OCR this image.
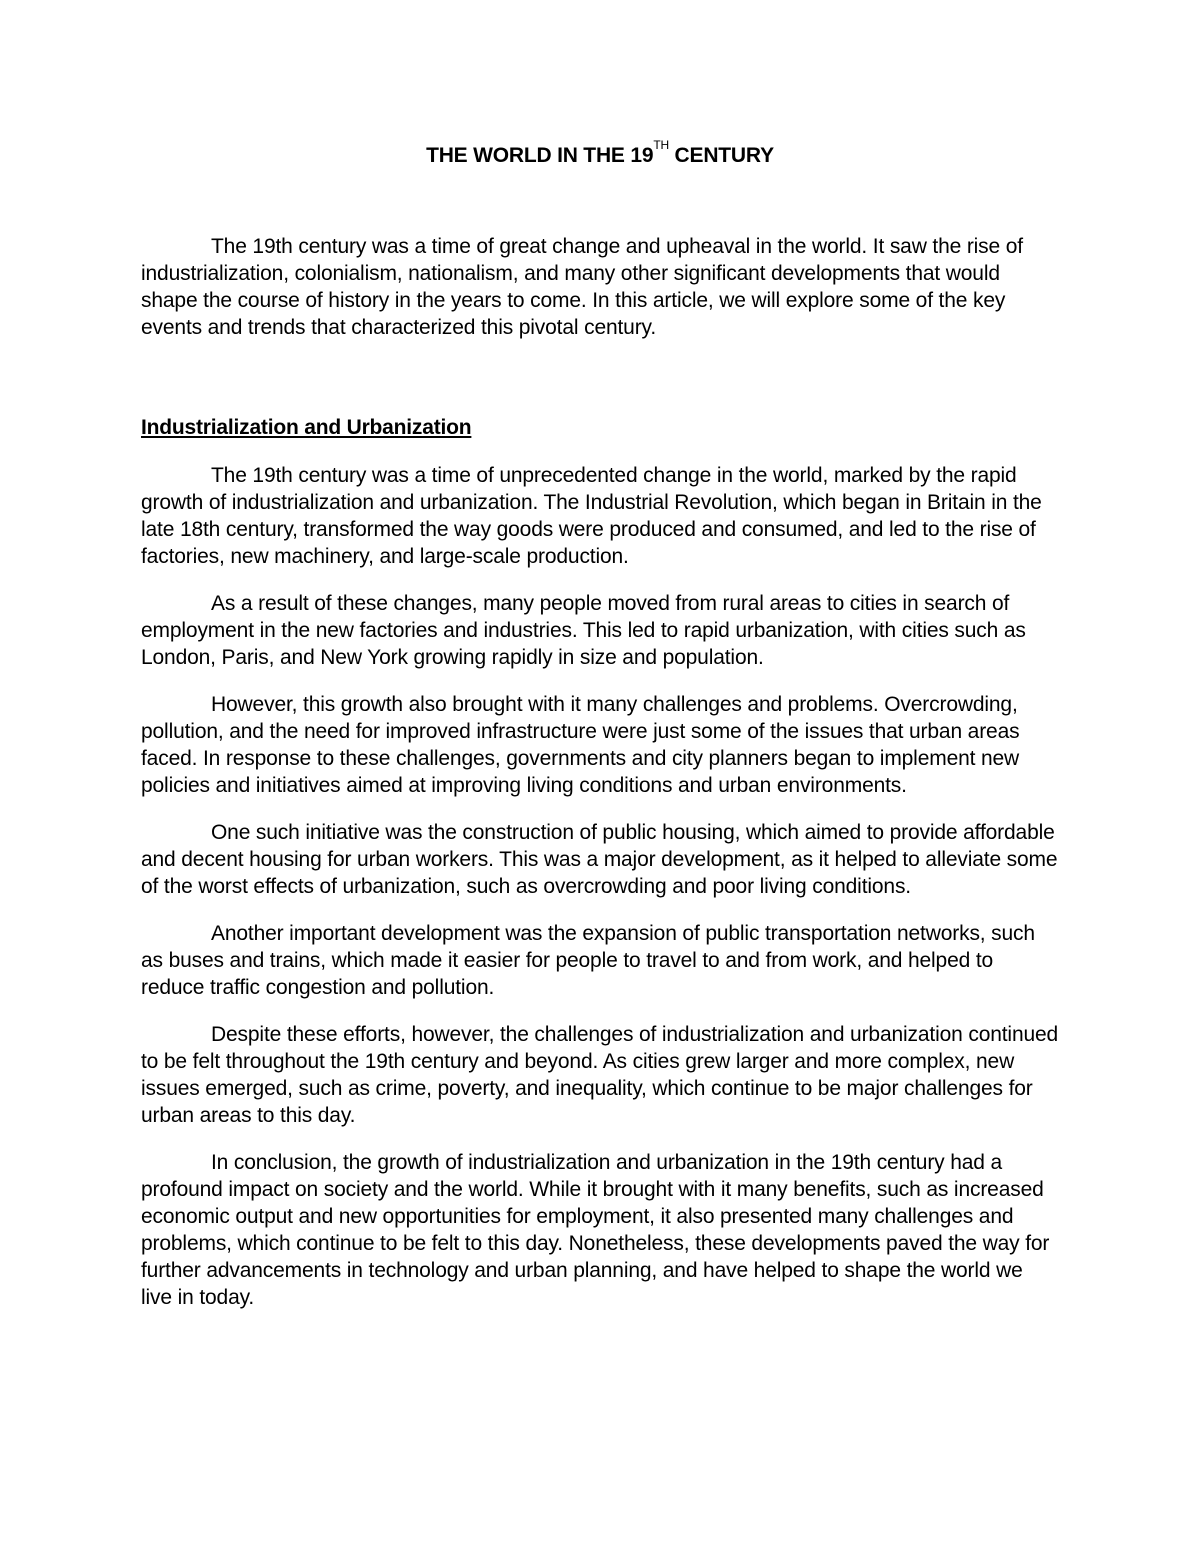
THE WORLD IN THE 19TH CENTURY

The 19th century was a time of great change and upheaval in the world. It saw the rise of industrialization, colonialism, nationalism, and many other significant developments that would shape the course of history in the years to come. In this article, we will explore some of the key events and trends that characterized this pivotal century.

Industrialization and Urbanization

The 19th century was a time of unprecedented change in the world, marked by the rapid growth of industrialization and urbanization. The Industrial Revolution, which began in Britain in the late 18th century, transformed the way goods were produced and consumed, and led to the rise of factories, new machinery, and large-scale production.

As a result of these changes, many people moved from rural areas to cities in search of employment in the new factories and industries. This led to rapid urbanization, with cities such as London, Paris, and New York growing rapidly in size and population.

However, this growth also brought with it many challenges and problems. Overcrowding, pollution, and the need for improved infrastructure were just some of the issues that urban areas faced. In response to these challenges, governments and city planners began to implement new policies and initiatives aimed at improving living conditions and urban environments.

One such initiative was the construction of public housing, which aimed to provide affordable and decent housing for urban workers. This was a major development, as it helped to alleviate some of the worst effects of urbanization, such as overcrowding and poor living conditions.

Another important development was the expansion of public transportation networks, such as buses and trains, which made it easier for people to travel to and from work, and helped to reduce traffic congestion and pollution.

Despite these efforts, however, the challenges of industrialization and urbanization continued to be felt throughout the 19th century and beyond. As cities grew larger and more complex, new issues emerged, such as crime, poverty, and inequality, which continue to be major challenges for urban areas to this day.

In conclusion, the growth of industrialization and urbanization in the 19th century had a profound impact on society and the world. While it brought with it many benefits, such as increased economic output and new opportunities for employment, it also presented many challenges and problems, which continue to be felt to this day. Nonetheless, these developments paved the way for further advancements in technology and urban planning, and have helped to shape the world we live in today.
